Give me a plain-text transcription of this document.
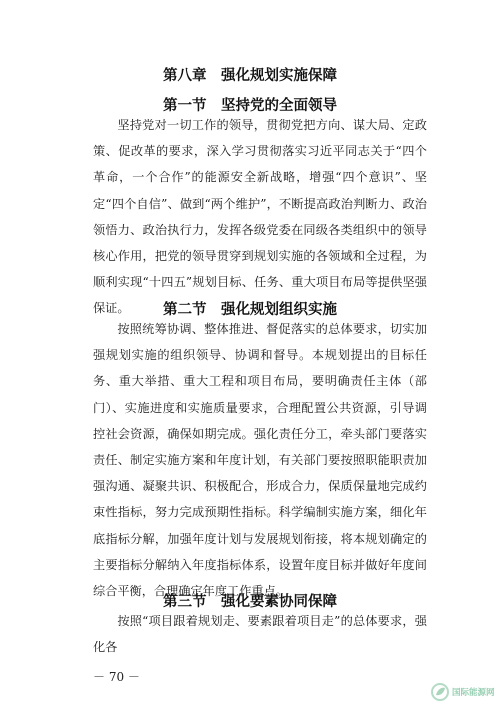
第八章　强化规划实施保障
第一节　坚持党的全面领导

坚持党对一切工作的领导，贯彻党把方向、谋大局、定政策、促改革的要求，深入学习贯彻落实习近平同志关于“四个革命，一个合作”的能源安全新战略，增强“四个意识”、坚定“四个自信”、做到“两个维护”，不断提高政治判断力、政治领悟力、政治执行力，发挥各级党委在同级各类组织中的领导核心作用，把党的领导贯穿到规划实施的各领域和全过程，为顺利实现“十四五”规划目标、任务、重大项目布局等提供坚强保证。	第二节　强化规划组织实施

按照统筹协调、整体推进、督促落实的总体要求，切实加强规划实施的组织领导、协调和督导。本规划提出的目标任务、重大举措、重大工程和项目布局，要明确责任主体（部门）、实施进度和实施质量要求，合理配置公共资源，引导调控社会资源，确保如期完成。强化责任分工，牵头部门要落实责任、制定实施方案和年度计划，有关部门要按照职能职责加强沟通、凝聚共识、积极配合，形成合力，保质保量地完成约束性指标，努力完成预期性指标。科学编制实施方案，细化年底指标分解，加强年度计划与发展规划衔接，将本规划确定的主要指标分解纳入年度指标体系，设置年度目标并做好年度间综合平衡，合理确定年度工作重点。

第三节　强化要素协同保障

按照“项目跟着规划走、要素跟着项目走”的总体要求，强化各

－ 70 －
国际能源网
